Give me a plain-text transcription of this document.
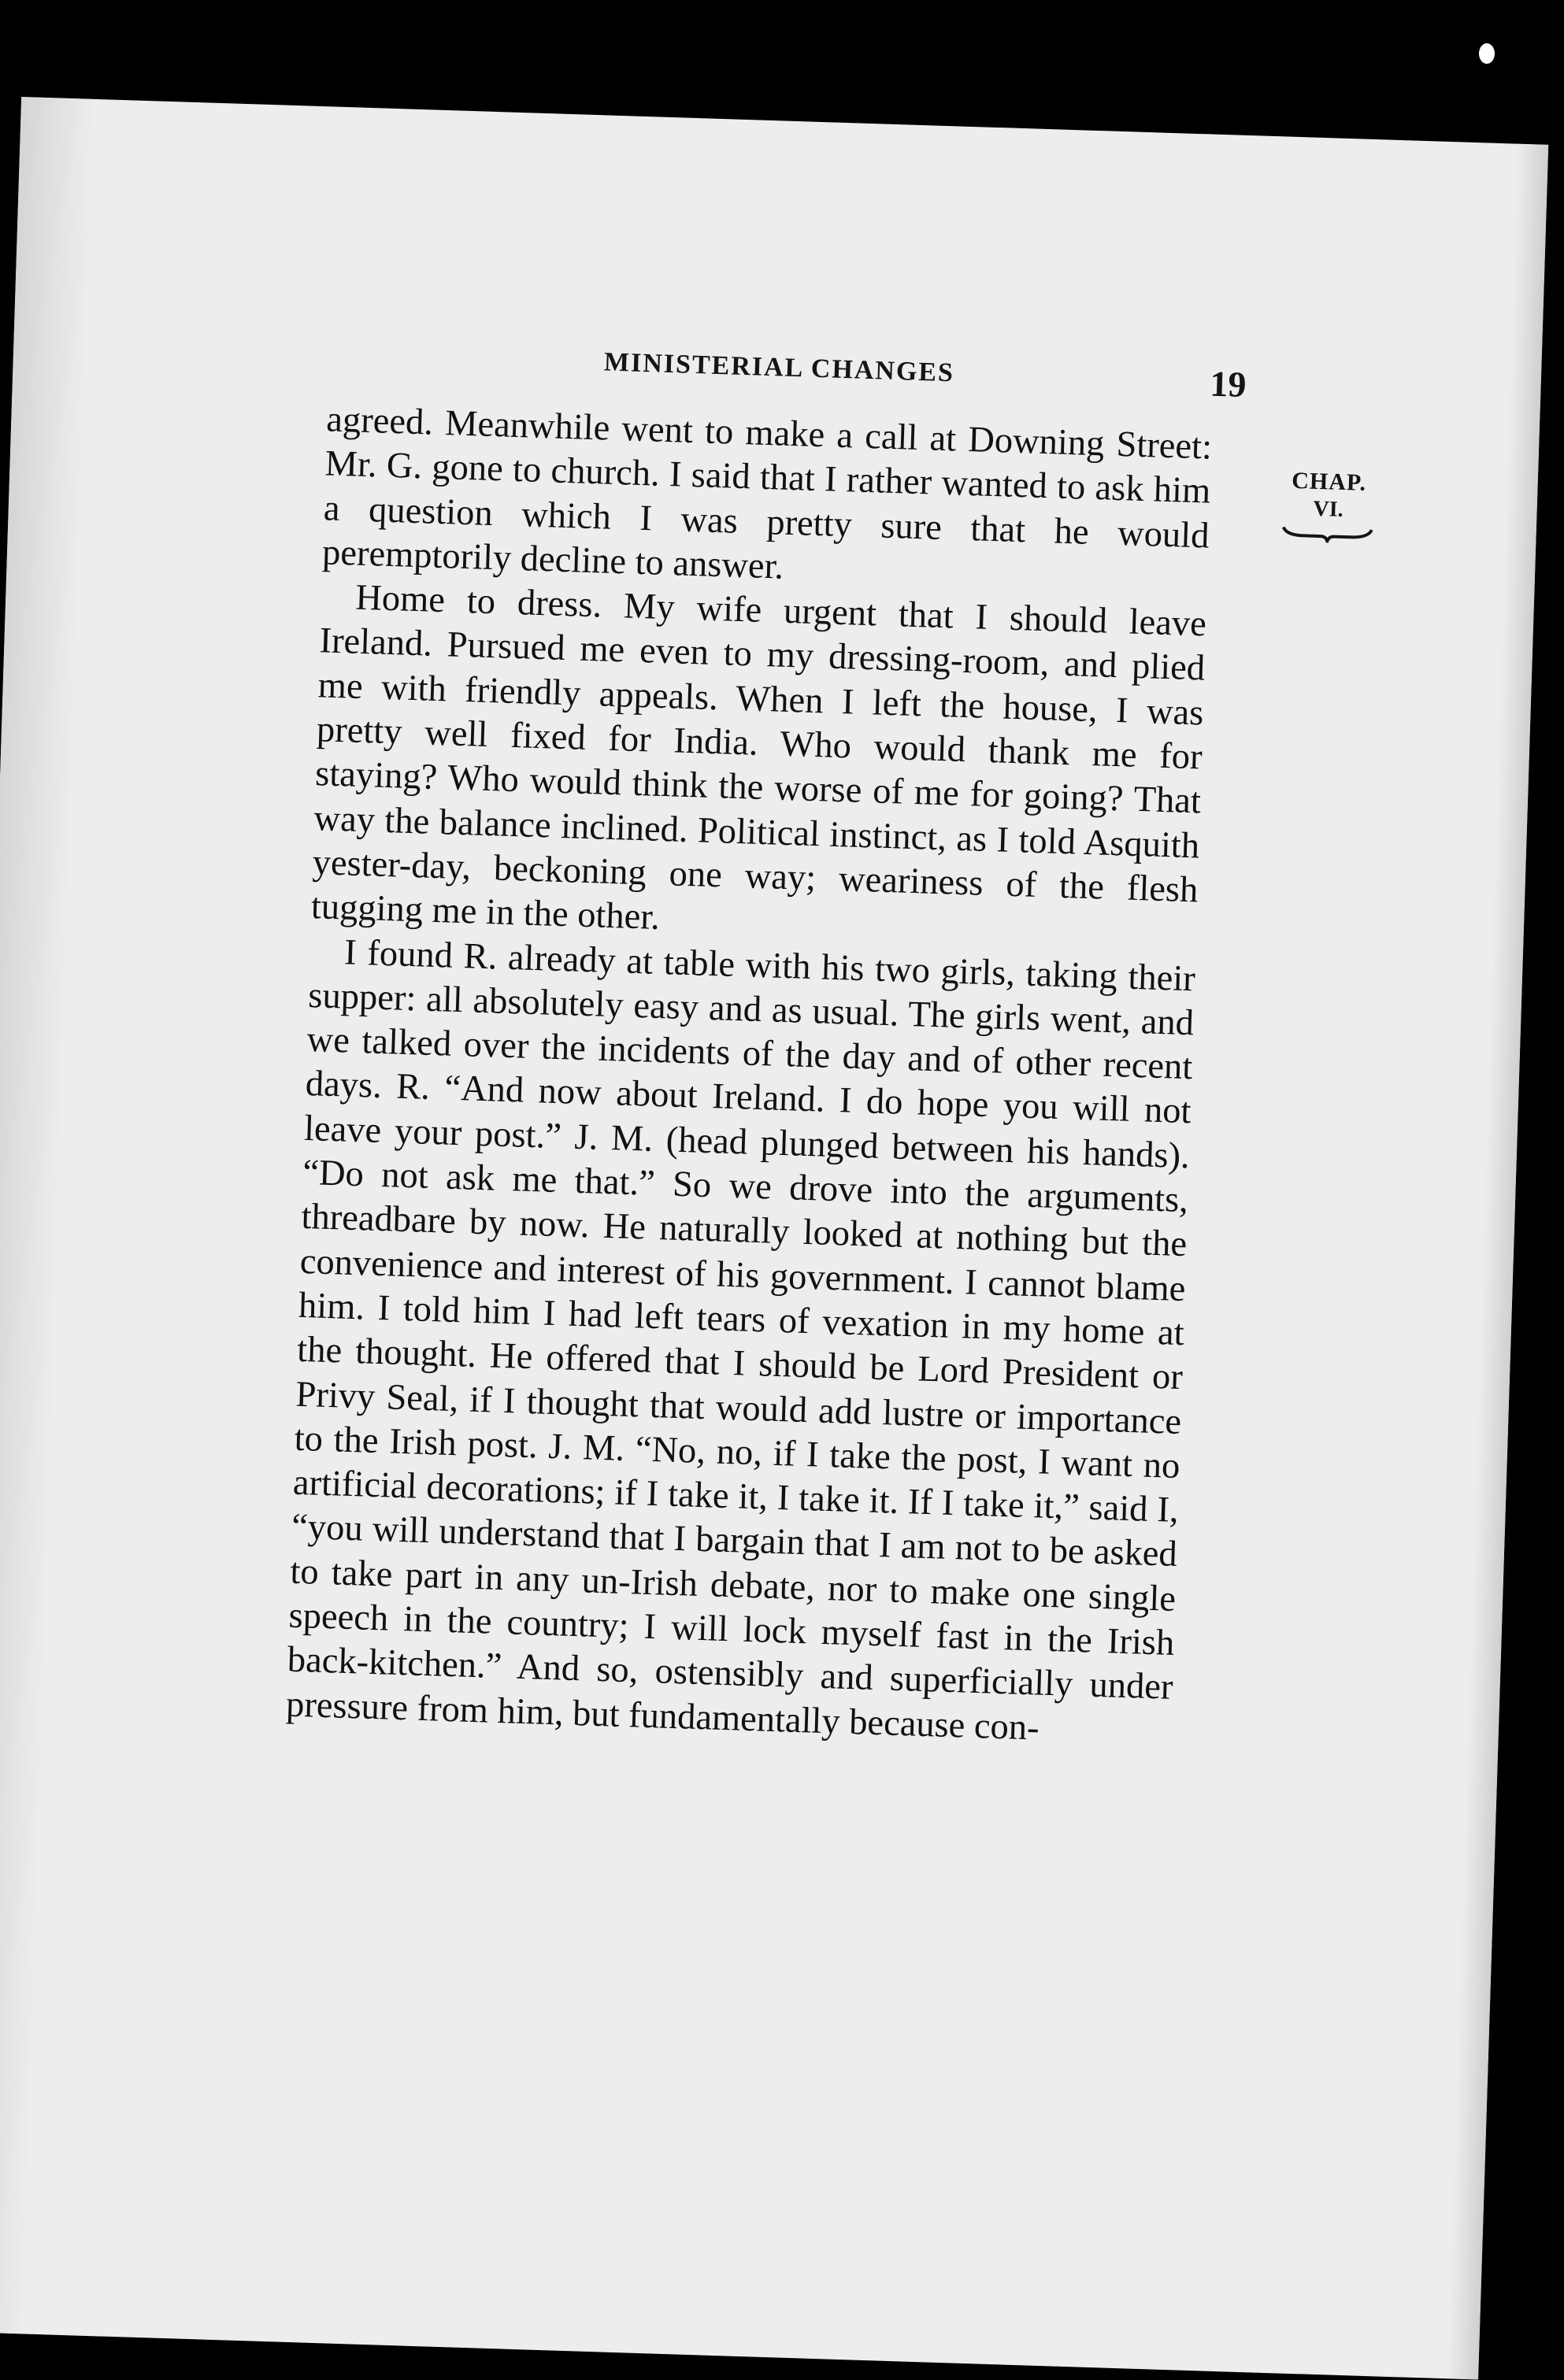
MINISTERIAL CHANGES	19
CHAP.
VI.

agreed. Meanwhile went to make a call at Downing Street: Mr. G. gone to church. I said that I rather wanted to ask him a question which I was pretty sure that he would peremptorily decline to answer.

Home to dress. My wife urgent that I should leave Ireland. Pursued me even to my dressing-room, and plied me with friendly appeals. When I left the house, I was pretty well fixed for India. Who would thank me for staying? Who would think the worse of me for going? That way the balance inclined. Political instinct, as I told Asquith yester-day, beckoning one way; weariness of the flesh tugging me in the other.

I found R. already at table with his two girls, taking their supper: all absolutely easy and as usual. The girls went, and we talked over the incidents of the day and of other recent days. R. “And now about Ireland. I do hope you will not leave your post.” J. M. (head plunged between his hands). “Do not ask me that.” So we drove into the arguments, threadbare by now. He naturally looked at nothing but the convenience and interest of his government. I cannot blame him. I told him I had left tears of vexation in my home at the thought. He offered that I should be Lord President or Privy Seal, if I thought that would add lustre or importance to the Irish post. J. M. “No, no, if I take the post, I want no artificial decorations; if I take it, I take it. If I take it,” said I, “you will understand that I bargain that I am not to be asked to take part in any un-Irish debate, nor to make one single speech in the country; I will lock myself fast in the Irish back-kitchen.” And so, ostensibly and superficially under pressure from him, but fundamentally because con-
